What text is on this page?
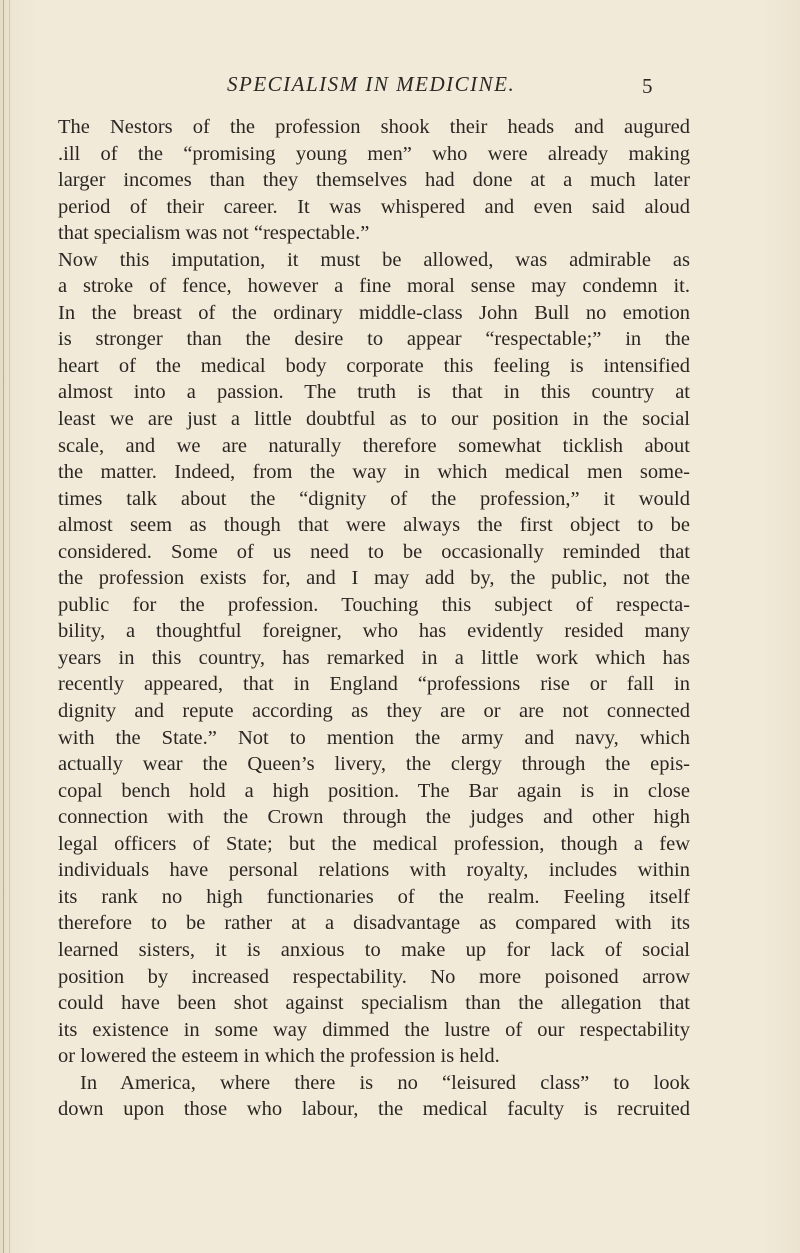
SPECIALISM IN MEDICINE.	5
The Nestors of the profession shook their heads and augured
.ill of the “promising young men” who were already making
larger incomes than they themselves had done at a much later
period of their career. It was whispered and even said aloud
that specialism was not “respectable.”
Now this imputation, it must be allowed, was admirable as
a stroke of fence, however a fine moral sense may condemn it.
In the breast of the ordinary middle-class John Bull no emotion
is stronger than the desire to appear “respectable;” in the
heart of the medical body corporate this feeling is intensified
almost into a passion. The truth is that in this country at
least we are just a little doubtful as to our position in the social
scale, and we are naturally therefore somewhat ticklish about
the matter. Indeed, from the way in which medical men some-
times talk about the “dignity of the profession,” it would
almost seem as though that were always the first object to be
considered. Some of us need to be occasionally reminded that
the profession exists for, and I may add by, the public, not the
public for the profession. Touching this subject of respecta-
bility, a thoughtful foreigner, who has evidently resided many
years in this country, has remarked in a little work which has
recently appeared, that in England “professions rise or fall in
dignity and repute according as they are or are not connected
with the State.” Not to mention the army and navy, which
actually wear the Queen’s livery, the clergy through the epis-
copal bench hold a high position. The Bar again is in close
connection with the Crown through the judges and other high
legal officers of State; but the medical profession, though a few
individuals have personal relations with royalty, includes within
its rank no high functionaries of the realm. Feeling itself
therefore to be rather at a disadvantage as compared with its
learned sisters, it is anxious to make up for lack of social
position by increased respectability. No more poisoned arrow
could have been shot against specialism than the allegation that
its existence in some way dimmed the lustre of our respectability
or lowered the esteem in which the profession is held.
In America, where there is no “leisured class” to look
down upon those who labour, the medical faculty is recruited
